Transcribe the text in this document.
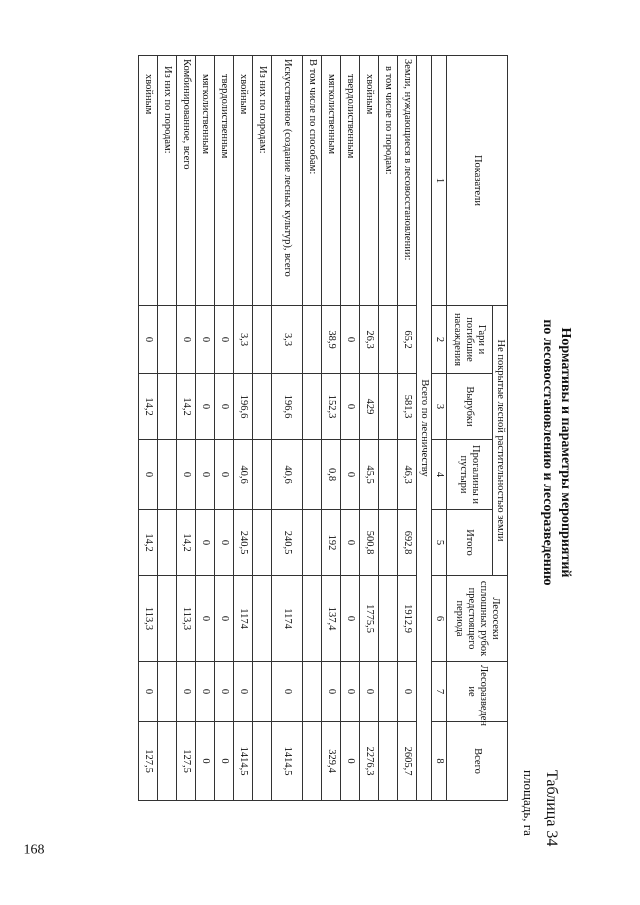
Нормативы и параметры мероприятий
по лесовосстановлению и лесоразведению
Таблица 34
площадь, га
Показатели	Не покрытые лесной растительностью земли				Лесосеки сплошных рубок предстоящего периода	Лесоразведен ие	Всего
	Гари и погибшие насаждения	Вырубки	Прогалины и пустыри	Итого			

1	2	3	4	5	6	7	8
Всего по лесничеству							
Земли, нуждающиеся в лесовосстановлении:	65,2	581,3	46,3	692,8	1912,9	0	2605,7
в том числе по породам:							
хвойным	26,3	429	45,5	500,8	1775,5	0	2276,3
твердолиственным	0	0	0	0	0	0	0
мягколиственным	38,9	152,3	0,8	192	137,4	0	329,4
В том числе по способам:							
Искусственное (создание лесных культур), всего	3,3	196,6	40,6	240,5	1174	0	1414,5
Из них по породам:							
хвойным	3,3	196,6	40,6	240,5	1174	0	1414,5
твердолиственным	0	0	0	0	0	0	0
мягколиственным	0	0	0	0	0	0	0
Комбинированное, всего	0	14,2	0	14,2	113,3	0	127,5
Из них по породам:							
хвойным	0	14,2	0	14,2	113,3	0	127,5
168
